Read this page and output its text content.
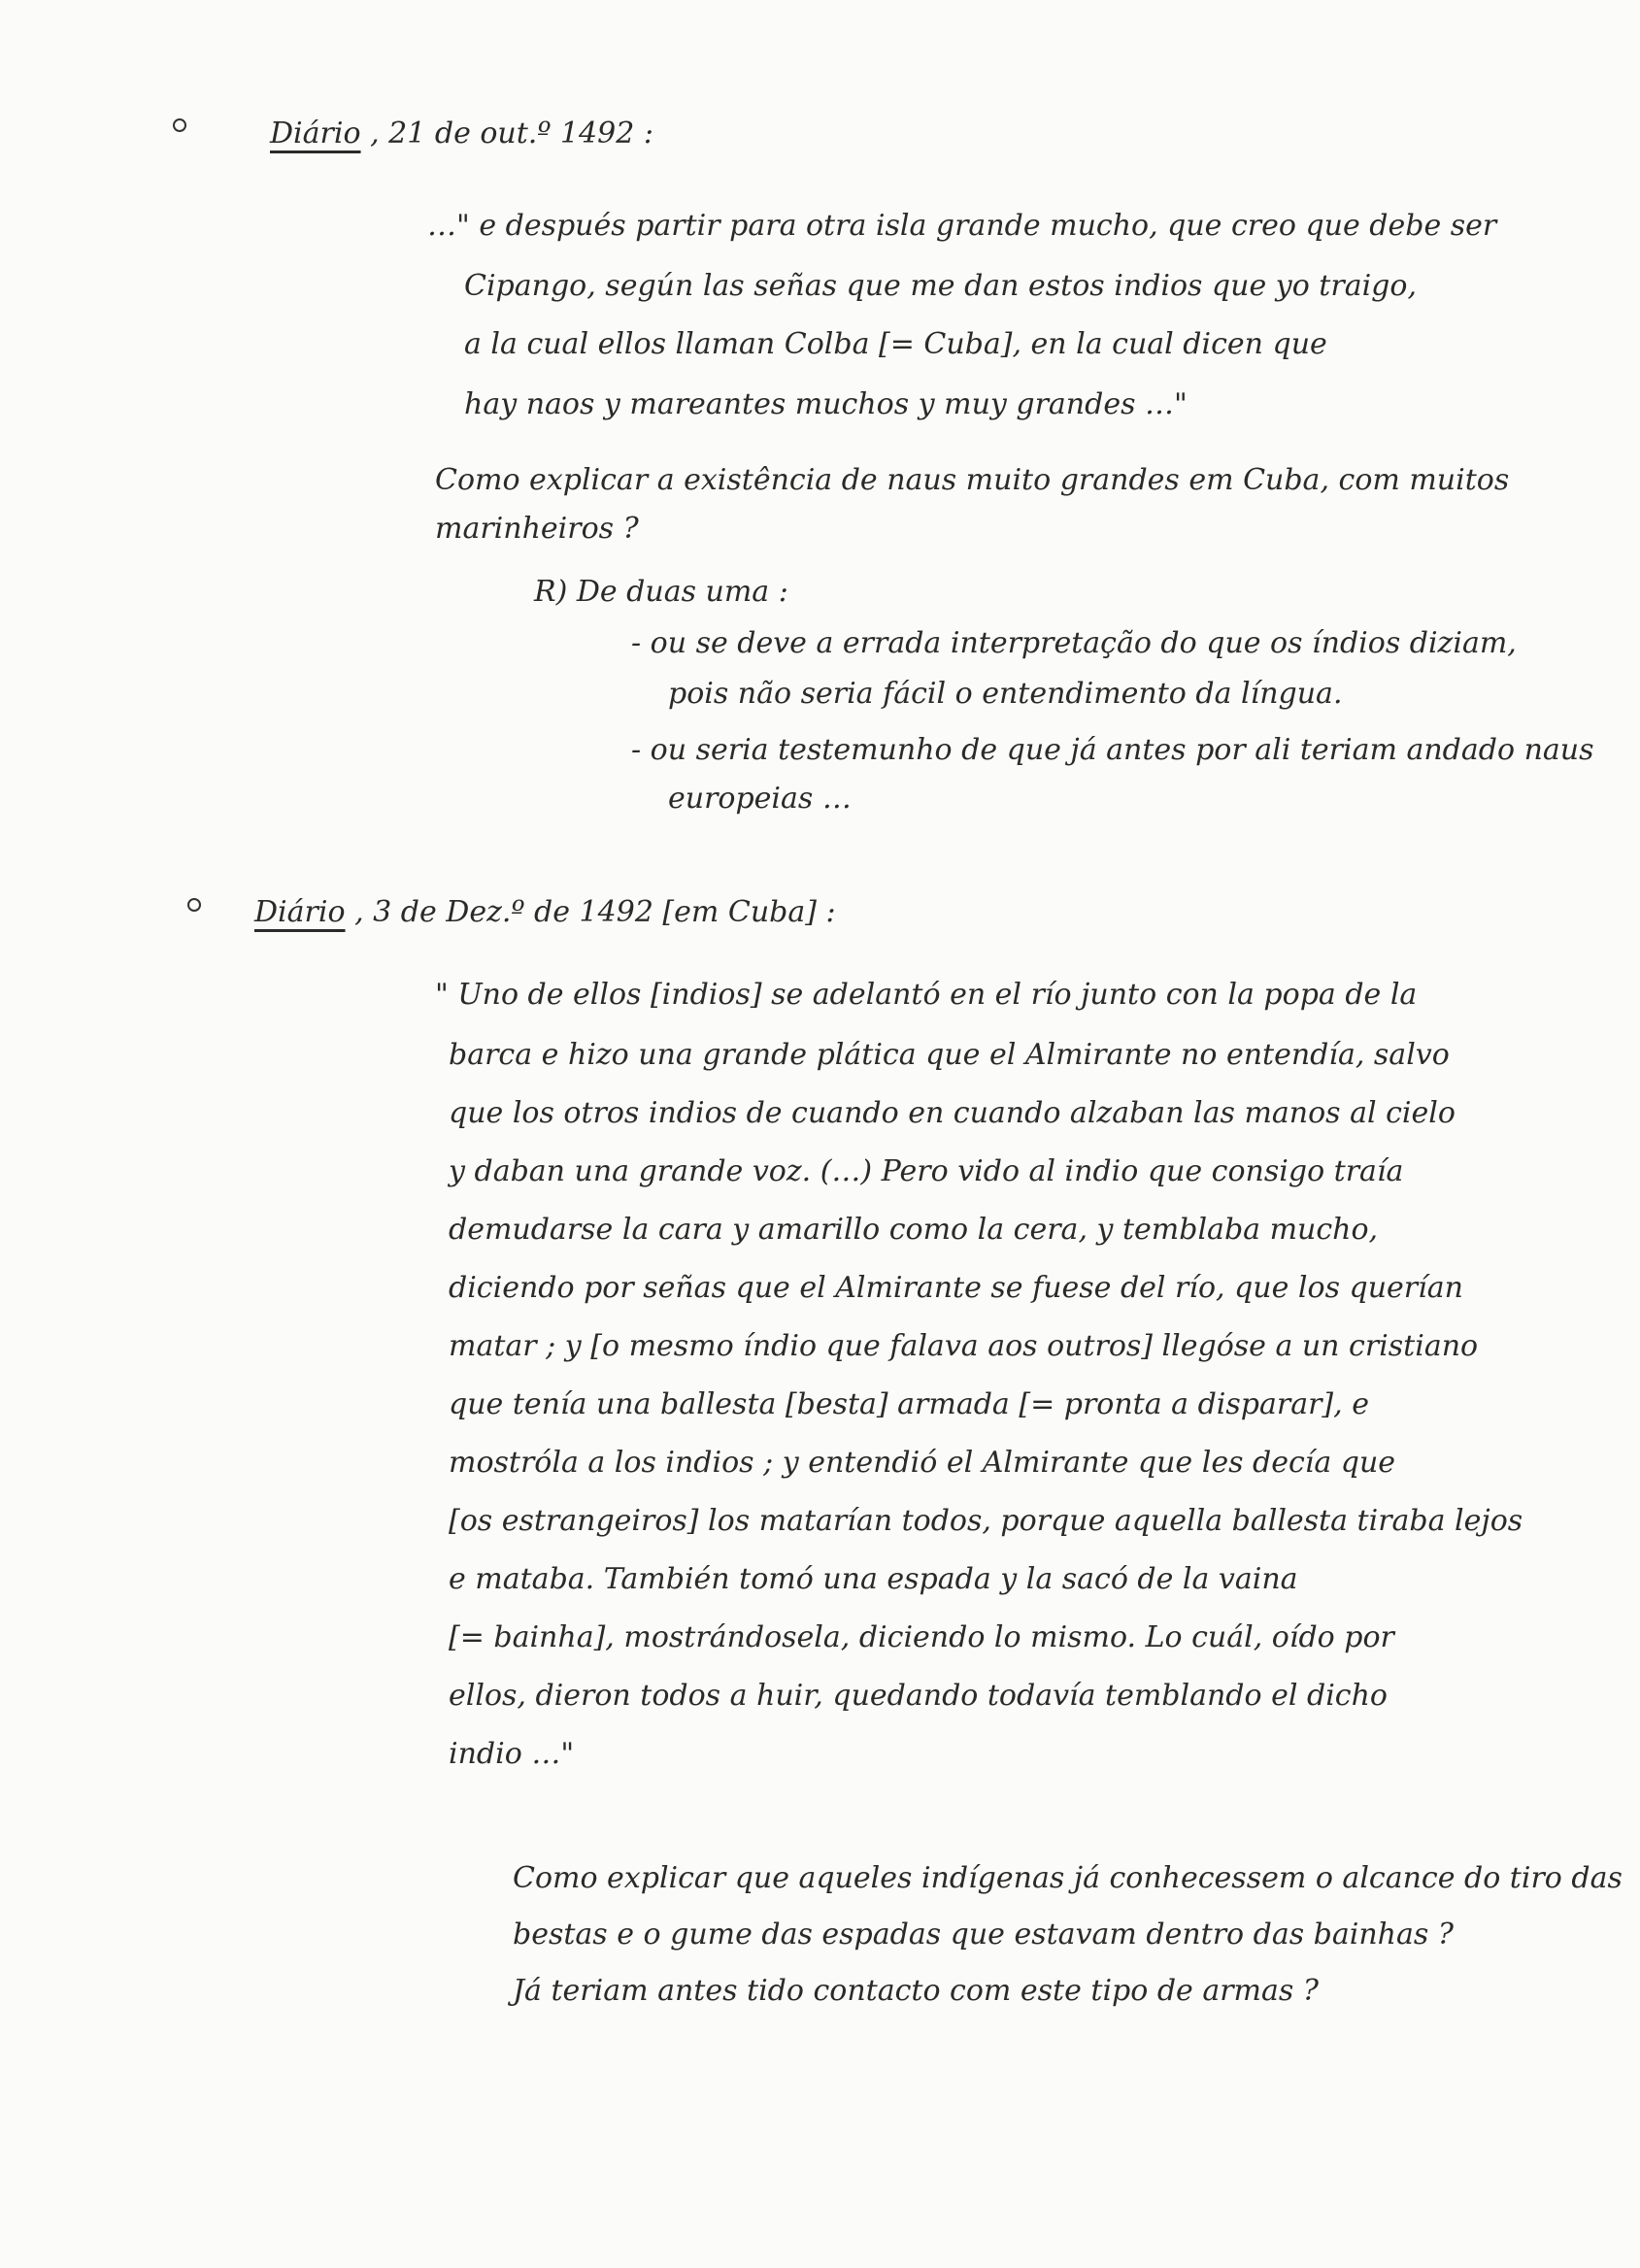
Diário , 21 de out.º 1492 :
…" e después partir para otra isla grande mucho, que creo que debe ser
Cipango, según las señas que me dan estos indios que yo traigo,
a la cual ellos llaman Colba [= Cuba], en la cual dicen que
hay naos y mareantes muchos y muy grandes …"
Como explicar a existência de naus muito grandes em Cuba, com muitos
marinheiros ?
R) De duas uma :
- ou se deve a errada interpretação do que os índios diziam,
pois não seria fácil o entendimento da língua.
- ou seria testemunho de que já antes por ali teriam andado naus
europeias …
Diário , 3 de Dez.º de 1492 [em Cuba] :
" Uno de ellos [indios] se adelantó en el río junto con la popa de la
barca e hizo una grande plática que el Almirante no entendía, salvo
que los otros indios de cuando en cuando alzaban las manos al cielo
y daban una grande voz. (…) Pero vido al indio que consigo traía
demudarse la cara y amarillo como la cera, y temblaba mucho,
diciendo por señas que el Almirante se fuese del río, que los querían
matar ; y [o mesmo índio que falava aos outros] llegóse a un cristiano
que tenía una ballesta [besta] armada [= pronta a disparar], e
mostróla a los indios ; y entendió el Almirante que les decía que
[os estrangeiros] los matarían todos, porque aquella ballesta tiraba lejos
e mataba. También tomó una espada y la sacó de la vaina
[= bainha], mostrándosela, diciendo lo mismo. Lo cuál, oído por
ellos, dieron todos a huir, quedando todavía temblando el dicho
indio …"
Como explicar que aqueles indígenas já conhecessem o alcance do tiro das
bestas e o gume das espadas que estavam dentro das bainhas ?
Já teriam antes tido contacto com este tipo de armas ?
